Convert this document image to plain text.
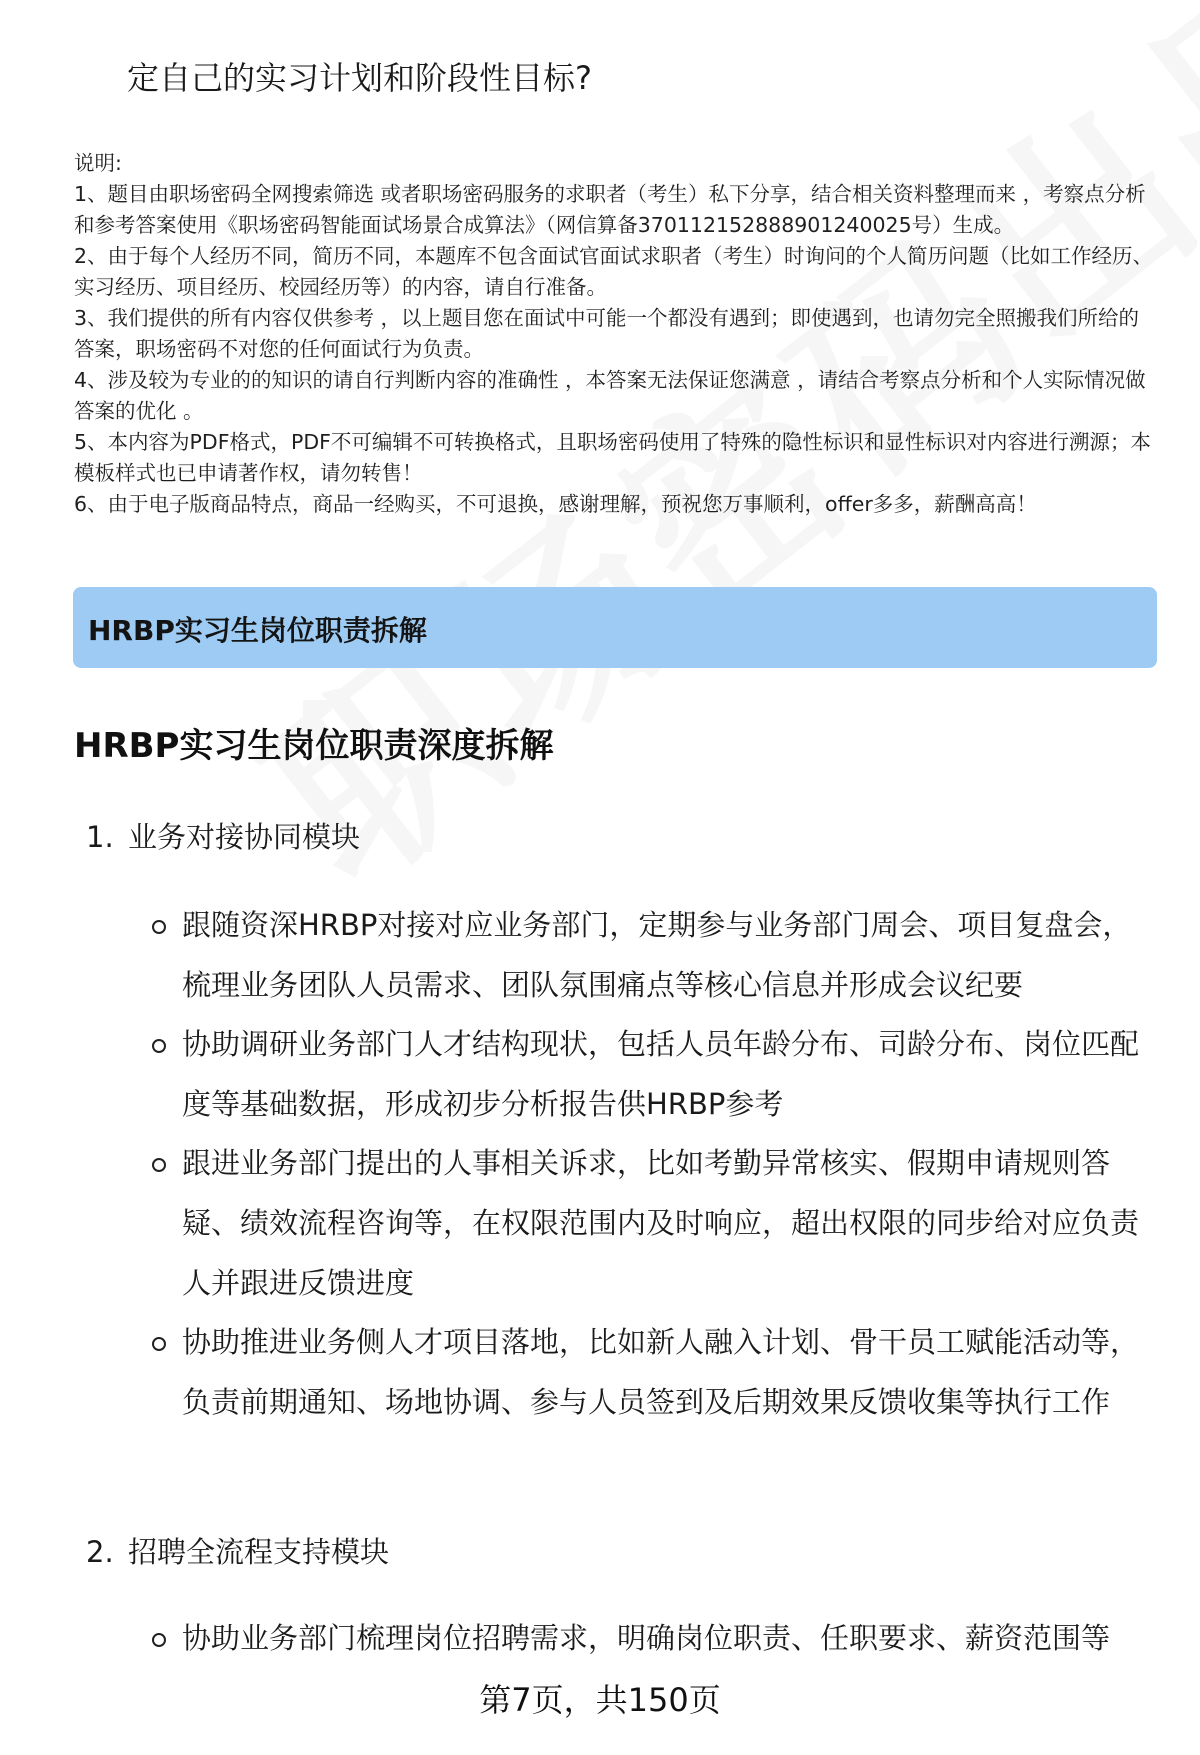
定自己的实习计划和阶段性目标?

说明:

1、题目由职场密码全网搜索筛选 或者职场密码服务的求职者（考生）私下分享，结合相关资料整理而来 ，考察点分析和参考答案使用《职场密码智能面试场景合成算法》（网信算备370112152888901240025号）生成。

2、由于每个人经历不同，简历不同，本题库不包含面试官面试求职者（考生）时询问的个人简历问题（比如工作经历、实习经历、项目经历、校园经历等）的内容，请自行准备。

3、我们提供的所有内容仅供参考 ，以上题目您在面试中可能一个都没有遇到；即使遇到，也请勿完全照搬我们所给的答案，职场密码不对您的任何面试行为负责。

4、涉及较为专业的的知识的请自行判断内容的准确性 ，本答案无法保证您满意 ，请结合考察点分析和个人实际情况做答案的优化 。

5、本内容为PDF格式，PDF不可编辑不可转换格式，且职场密码使用了特殊的隐性标识和显性标识对内容进行溯源；本模板样式也已申请著作权，请勿转售！

6、由于电子版商品特点，商品一经购买，不可退换，感谢理解，预祝您万事顺利，offer多多，薪酬高高！

HRBP实习生岗位职责拆解
HRBP实习生岗位职责深度拆解
1. 业务对接协同模块
跟随资深HRBP对接对应业务部门，定期参与业务部门周会、项目复盘会，梳理业务团队人员需求、团队氛围痛点等核心信息并形成会议纪要
协助调研业务部门人才结构现状，包括人员年龄分布、司龄分布、岗位匹配度等基础数据，形成初步分析报告供HRBP参考
跟进业务部门提出的人事相关诉求，比如考勤异常核实、假期申请规则答疑、绩效流程咨询等，在权限范围内及时响应，超出权限的同步给对应负责人并跟进反馈进度
协助推进业务侧人才项目落地，比如新人融入计划、骨干员工赋能活动等，负责前期通知、场地协调、参与人员签到及后期效果反馈收集等执行工作
2. 招聘全流程支持模块
协助业务部门梳理岗位招聘需求，明确岗位职责、任职要求、薪资范围等
第7页，共150页
